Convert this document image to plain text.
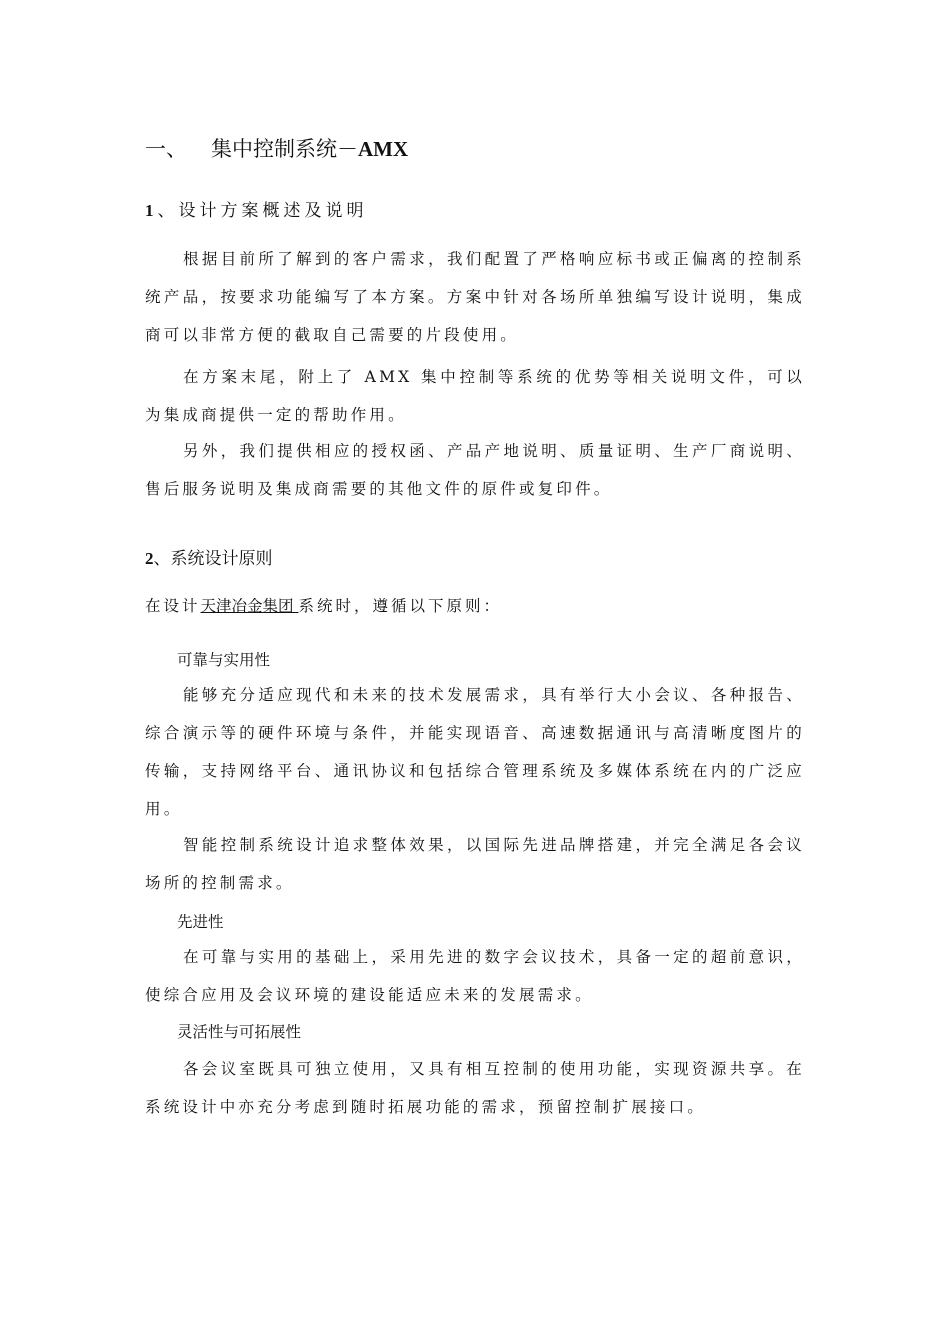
一、 集中控制系统－AMX
1、设计方案概述及说明

根据目前所了解到的客户需求，我们配置了严格响应标书或正偏离的控制系统产品，按要求功能编写了本方案。方案中针对各场所单独编写设计说明，集成商可以非常方便的截取自己需要的片段使用。

在方案末尾，附上了 AMX 集中控制等系统的优势等相关说明文件，可以为集成商提供一定的帮助作用。

另外，我们提供相应的授权函、产品产地说明、质量证明、生产厂商说明、售后服务说明及集成商需要的其他文件的原件或复印件。

2、系统设计原则
在设计天津冶金集团 系统时，遵循以下原则：
可靠与实用性

能够充分适应现代和未来的技术发展需求，具有举行大小会议、各种报告、综合演示等的硬件环境与条件，并能实现语音、高速数据通讯与高清晰度图片的传输，支持网络平台、通讯协议和包括综合管理系统及多媒体系统在内的广泛应用。

智能控制系统设计追求整体效果，以国际先进品牌搭建，并完全满足各会议场所的控制需求。

先进性

在可靠与实用的基础上，采用先进的数字会议技术，具备一定的超前意识，使综合应用及会议环境的建设能适应未来的发展需求。

灵活性与可拓展性

各会议室既具可独立使用，又具有相互控制的使用功能，实现资源共享。在系统设计中亦充分考虑到随时拓展功能的需求，预留控制扩展接口。
